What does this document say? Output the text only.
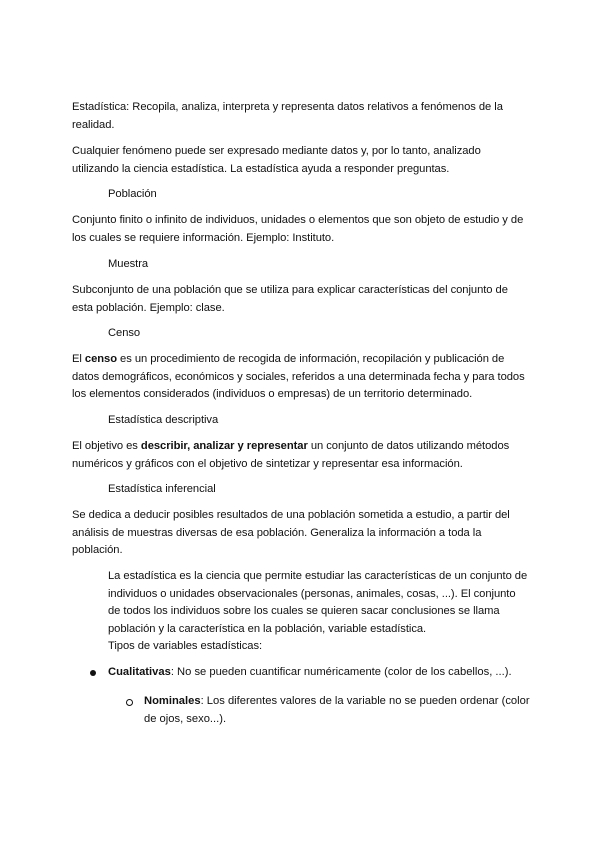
Estadística: Recopila, analiza, interpreta y representa datos relativos a fenómenos de la realidad.

Cualquier fenómeno puede ser expresado mediante datos y, por lo tanto, analizado utilizando la ciencia estadística. La estadística ayuda a responder preguntas.

Población

Conjunto finito o infinito de individuos, unidades o elementos que son objeto de estudio y de los cuales se requiere información. Ejemplo: Instituto.

Muestra

Subconjunto de una población que se utiliza para explicar características del conjunto de esta población. Ejemplo: clase.

Censo

El censo es un procedimiento de recogida de información, recopilación y publicación de datos demográficos, económicos y sociales, referidos a una determinada fecha y para todos los elementos considerados (individuos o empresas) de un territorio determinado.

Estadística descriptiva

El objetivo es describir, analizar y representar un conjunto de datos utilizando métodos numéricos y gráficos con el objetivo de sintetizar y representar esa información.

Estadística inferencial

Se dedica a deducir posibles resultados de una población sometida a estudio, a partir del análisis de muestras diversas de esa población. Generaliza la información a toda la población.

La estadística es la ciencia que permite estudiar las características de un conjunto de individuos o unidades observacionales (personas, animales, cosas, ...). El conjunto de todos los individuos sobre los cuales se quieren sacar conclusiones se llama población y la característica en la población, variable estadística.

Tipos de variables estadísticas:

Cualitativas: No se pueden cuantificar numéricamente (color de los cabellos, ...).
Nominales: Los diferentes valores de la variable no se pueden ordenar (color de ojos, sexo...).
